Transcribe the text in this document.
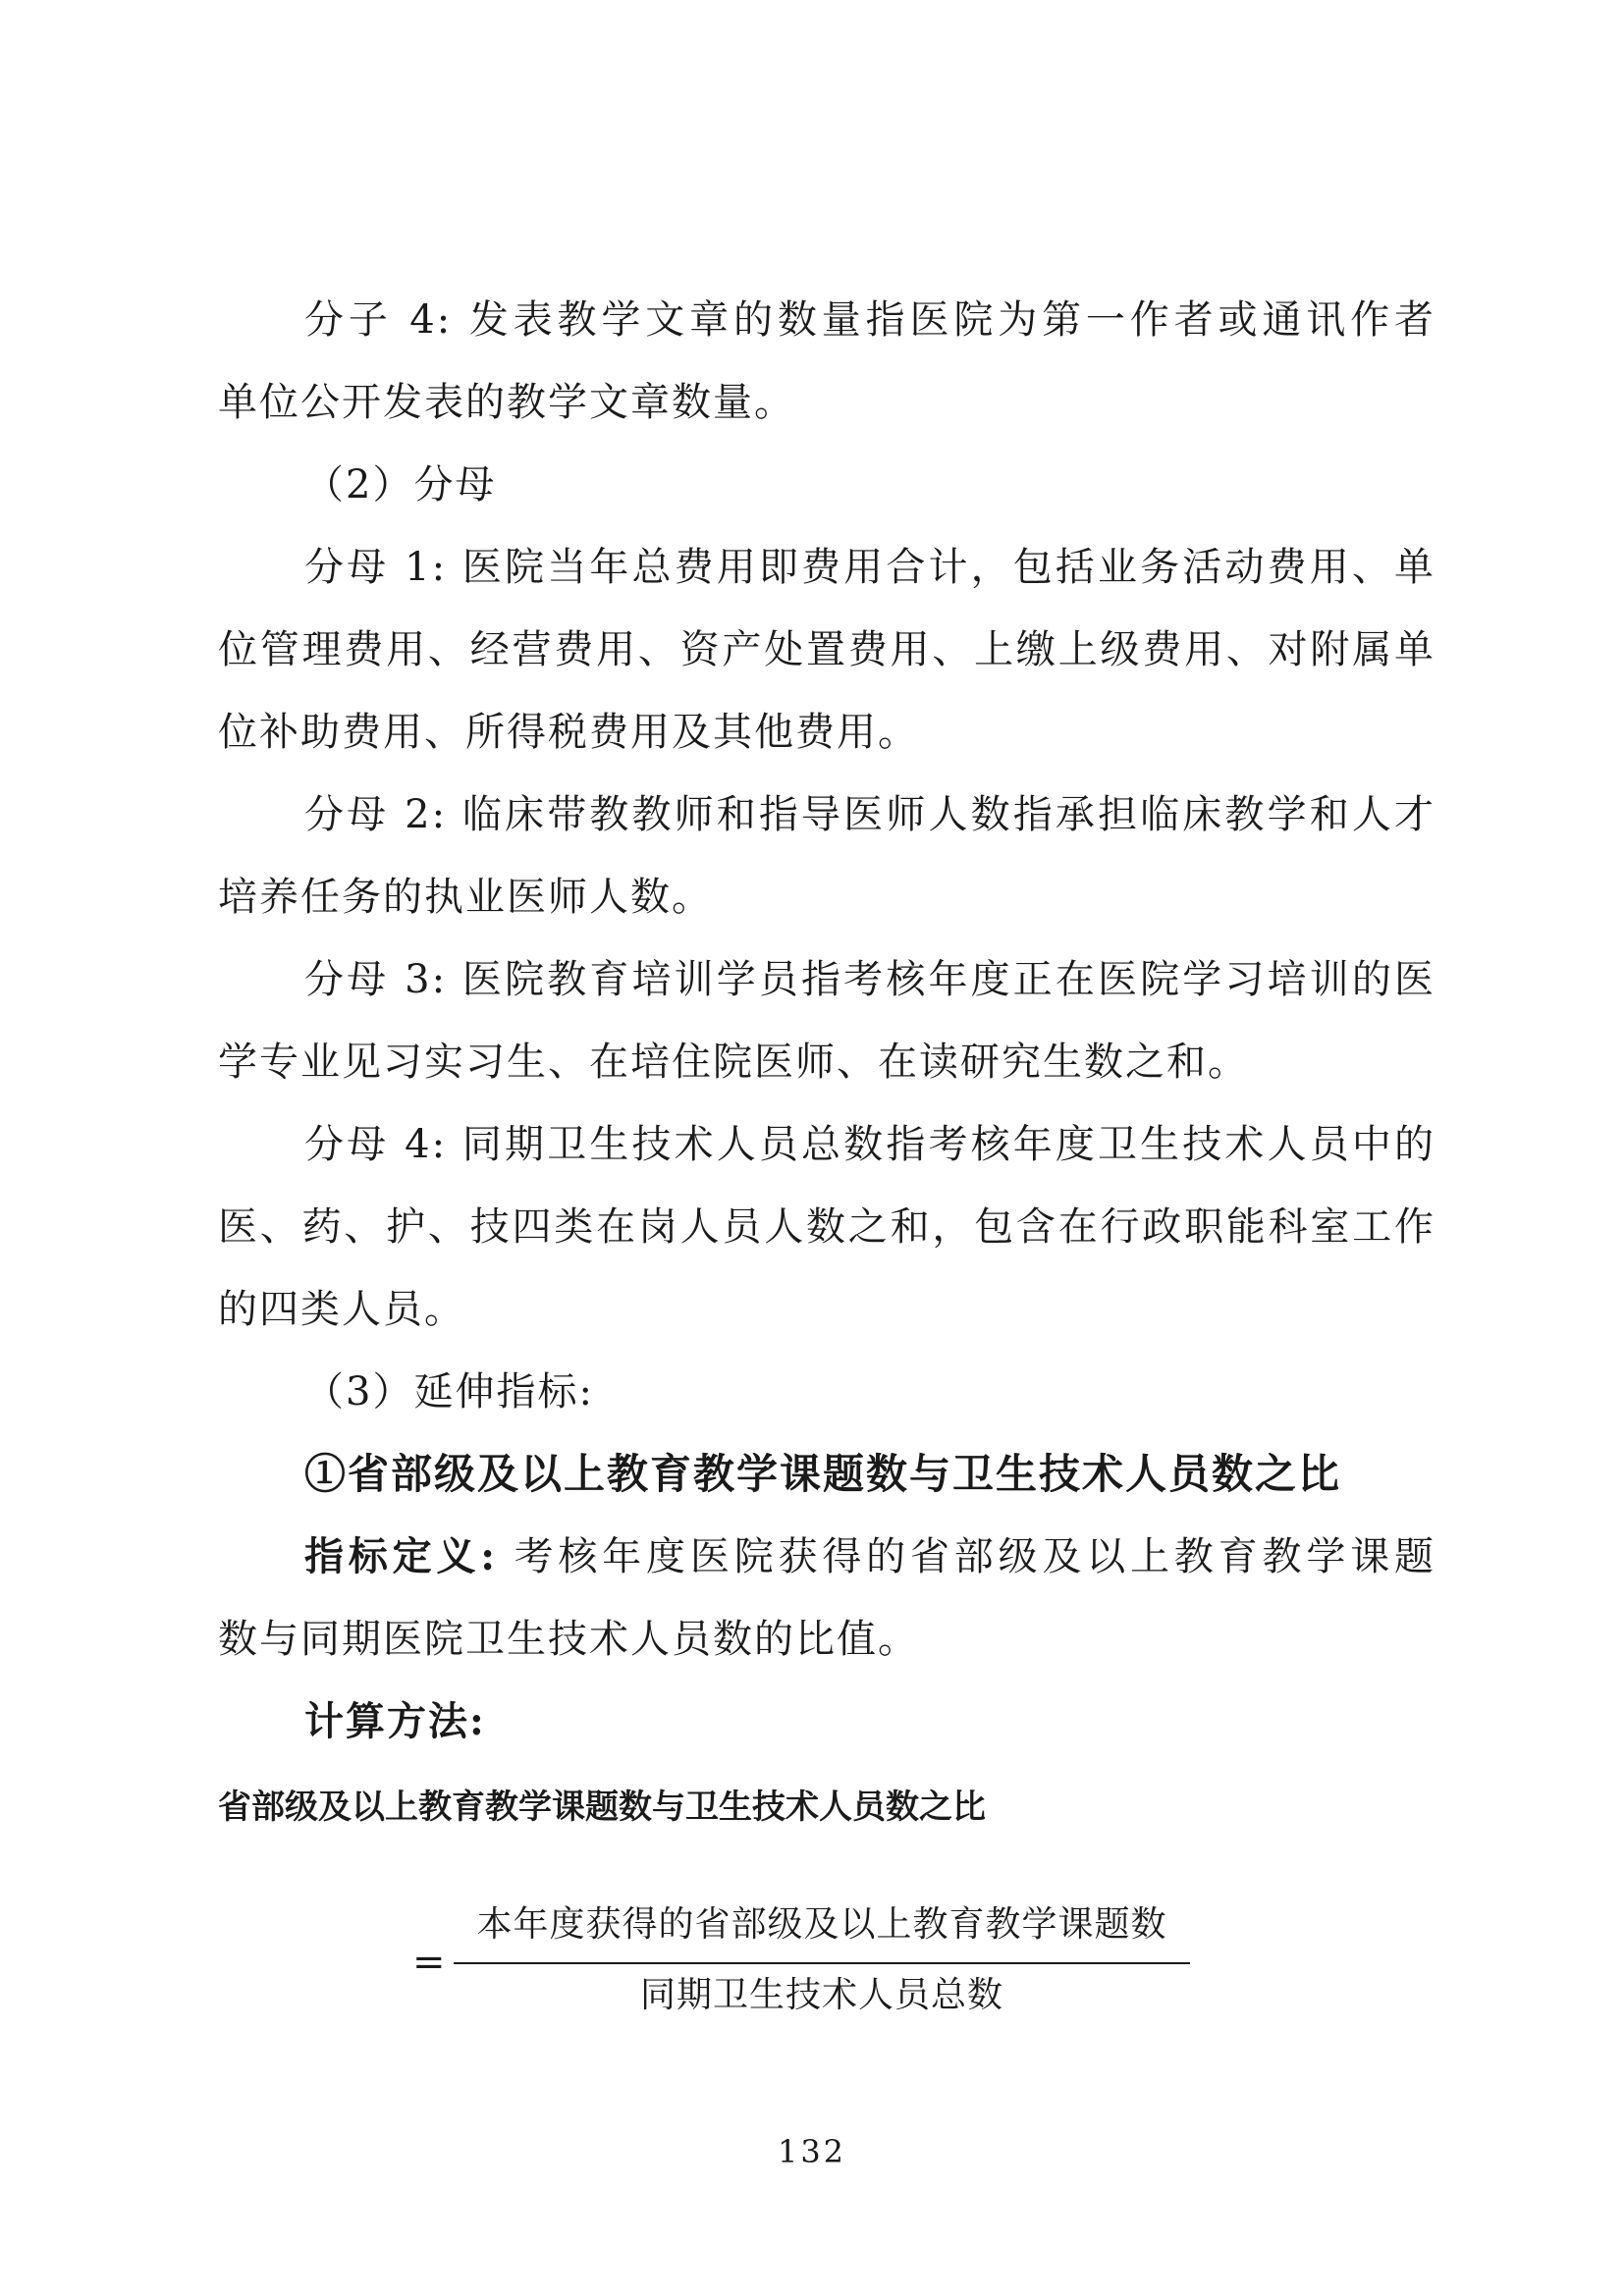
分子 4: 发表教学文章的数量指医院为第一作者或通讯作者
单位公开发表的教学文章数量。
（2）分母
分母 1: 医院当年总费用即费用合计，包括业务活动费用、单
位管理费用、经营费用、资产处置费用、上缴上级费用、对附属单
位补助费用、所得税费用及其他费用。
分母 2: 临床带教教师和指导医师人数指承担临床教学和人才
培养任务的执业医师人数。
分母 3: 医院教育培训学员指考核年度正在医院学习培训的医
学专业见习实习生、在培住院医师、在读研究生数之和。
分母 4: 同期卫生技术人员总数指考核年度卫生技术人员中的
医、药、护、技四类在岗人员人数之和，包含在行政职能科室工作
的四类人员。
（3）延伸指标:
①省部级及以上教育教学课题数与卫生技术人员数之比
指标定义: 考核年度医院获得的省部级及以上教育教学课题
数与同期医院卫生技术人员数的比值。
计算方法:
省部级及以上教育教学课题数与卫生技术人员数之比
=
本年度获得的省部级及以上教育教学课题数
同期卫生技术人员总数
132
